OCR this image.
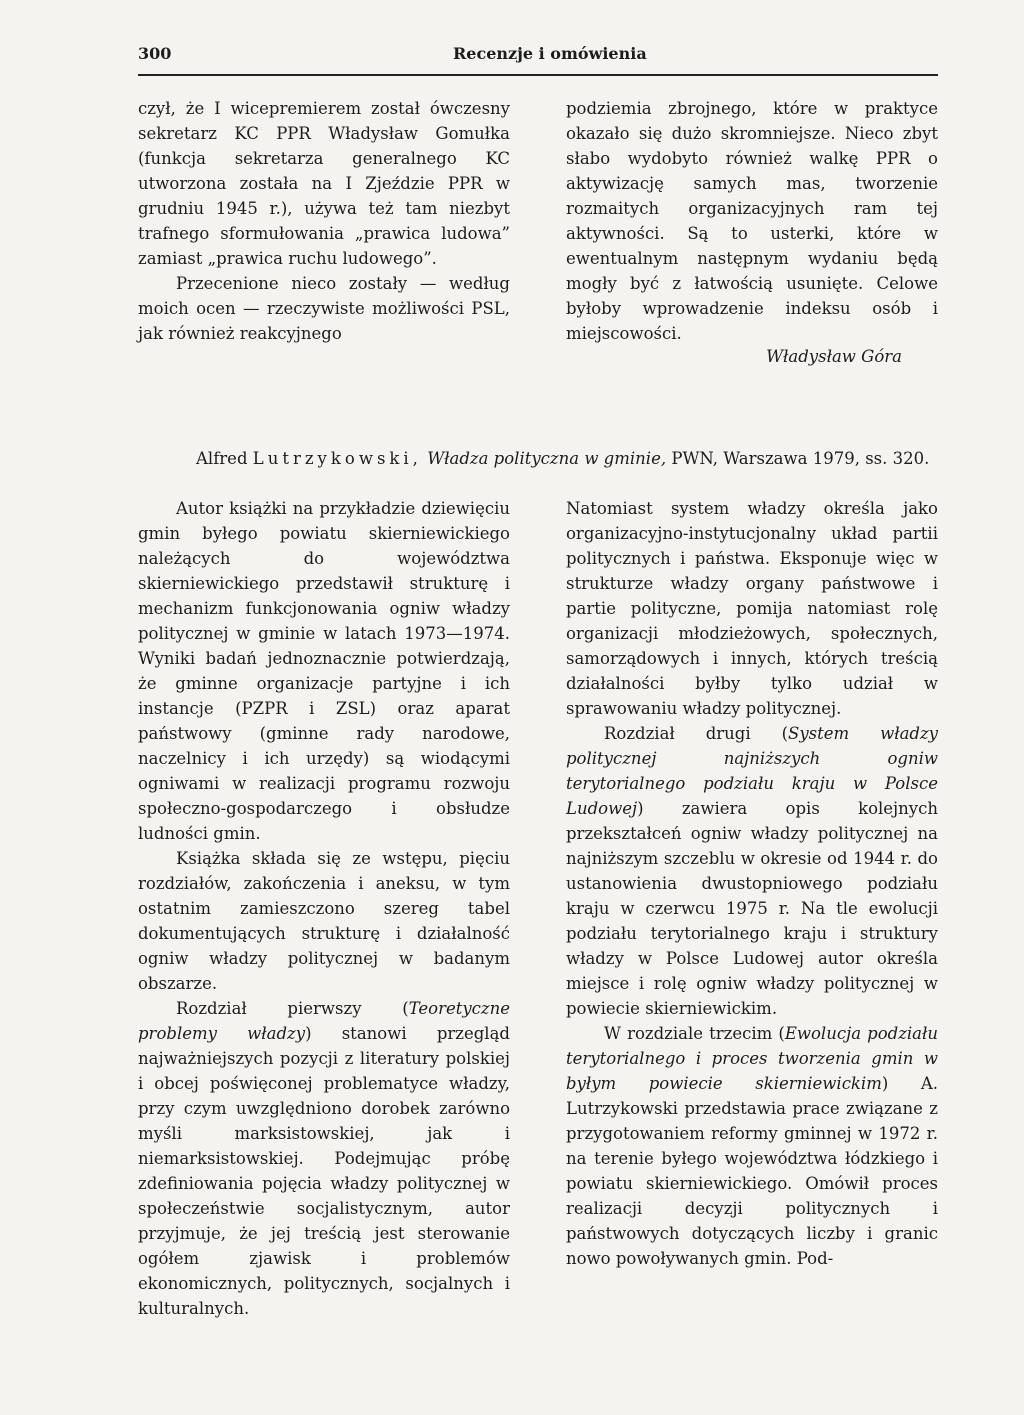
300	Recenzje i omówienia

czył, że I wicepremierem został ówczesny sekretarz KC PPR Władysław Gomułka (funkcja sekretarza generalnego KC utworzona została na I Zjeździe PPR w grudniu 1945 r.), używa też tam niezbyt trafnego sformułowania „prawica ludowa” zamiast „prawica ruchu ludowego”.

Przecenione nieco zostały — według moich ocen — rzeczywiste możliwości PSL, jak również reakcyjnego

podziemia zbrojnego, które w praktyce okazało się dużo skromniejsze. Nieco zbyt słabo wydobyto również walkę PPR o aktywizację samych mas, tworzenie rozmaitych organizacyjnych ram tej aktywności. Są to usterki, które w ewentualnym następnym wydaniu będą mogły być z łatwością usunięte. Celowe byłoby wprowadzenie indeksu osób i miejscowości.

Władysław Góra
Alfred Lutrzykowski, Władza polityczna w gminie, PWN, Warszawa 1979, ss. 320.

Autor książki na przykładzie dziewięciu gmin byłego powiatu skierniewickiego należących do województwa skierniewickiego przedstawił strukturę i mechanizm funkcjonowania ogniw władzy politycznej w gminie w latach 1973—1974. Wyniki badań jednoznacznie potwierdzają, że gminne organizacje partyjne i ich instancje (PZPR i ZSL) oraz aparat państwowy (gminne rady narodowe, naczelnicy i ich urzędy) są wiodącymi ogniwami w realizacji programu rozwoju społeczno-gospodarczego i obsłudze ludności gmin.

Książka składa się ze wstępu, pięciu rozdziałów, zakończenia i aneksu, w tym ostatnim zamieszczono szereg tabel dokumentujących strukturę i działalność ogniw władzy politycznej w badanym obszarze.

Rozdział pierwszy (Teoretyczne problemy władzy) stanowi przegląd najważniejszych pozycji z literatury polskiej i obcej poświęconej problematyce władzy, przy czym uwzględniono dorobek zarówno myśli marksistowskiej, jak i niemarksistowskiej. Podejmując próbę zdefiniowania pojęcia władzy politycznej w społeczeństwie socjalistycznym, autor przyjmuje, że jej treścią jest sterowanie ogółem zjawisk i problemów ekonomicznych, politycznych, socjalnych i kulturalnych.

Natomiast system władzy określa jako organizacyjno-instytucjonalny układ partii politycznych i państwa. Eksponuje więc w strukturze władzy organy państwowe i partie polityczne, pomija natomiast rolę organizacji młodzieżowych, społecznych, samorządowych i innych, których treścią działalności byłby tylko udział w sprawowaniu władzy politycznej.

Rozdział drugi (System władzy politycznej najniższych ogniw terytorialnego podziału kraju w Polsce Ludowej) zawiera opis kolejnych przekształceń ogniw władzy politycznej na najniższym szczeblu w okresie od 1944 r. do ustanowienia dwustopniowego podziału kraju w czerwcu 1975 r. Na tle ewolucji podziału terytorialnego kraju i struktury władzy w Polsce Ludowej autor określa miejsce i rolę ogniw władzy politycznej w powiecie skierniewickim.

W rozdziale trzecim (Ewolucja podziału terytorialnego i proces tworzenia gmin w byłym powiecie skierniewickim) A. Lutrzykowski przedstawia prace związane z przygotowaniem reformy gminnej w 1972 r. na terenie byłego województwa łódzkiego i powiatu skierniewickiego. Omówił proces realizacji decyzji politycznych i państwowych dotyczących liczby i granic nowo powoływanych gmin. Pod-
